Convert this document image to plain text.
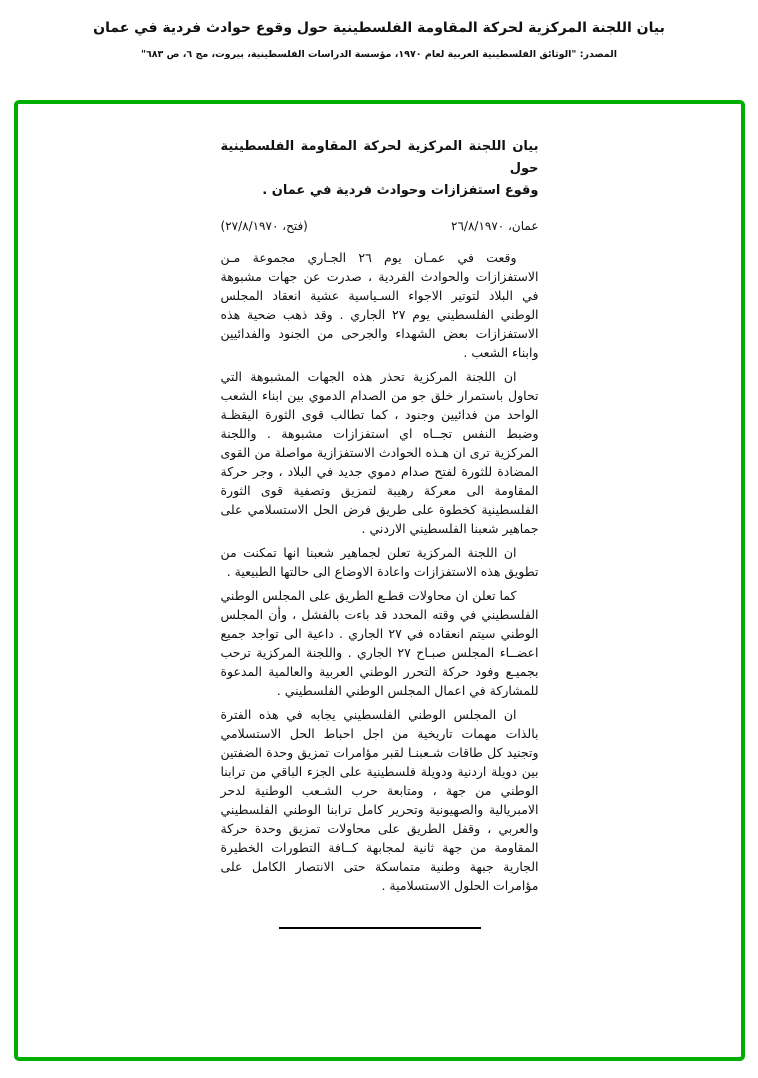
بيان اللجنة المركزية لحركة المقاومة الفلسطينية حول وقوع حوادث فردية في عمان
المصدر: "الوثائق الفلسطينية العربية لعام ١٩٧٠، مؤسسة الدراسات الفلسطينية، بيروت، مج ٦، ص ٦٨٣"
بيان اللجنة المركزية لحركة المقاومة الفلسطينية حول
وقوع استفزازات وحوادث فردية في عمان .
عمان، ٢٦/٨/١٩٧٠
(فتح، ٢٧/٨/١٩٧٠)

وقعت في عمـان يوم ٢٦ الجـاري مجموعة مـن الاستفزازات والحوادث الفردية ، صدرت عن جهات مشبوهة في البلاد لتوتير الاجواء السـياسية عشية انعقاد المجلس الوطني الفلسطيني يوم ٢٧ الجاري . وقد ذهب ضحية هذه الاستفزازات بعض الشهداء والجرحى من الجنود والفدائيين وابناء الشعب .

ان اللجنة المركزية تحذر هذه الجهات المشبوهة التي تحاول باستمرار خلق جو من الصدام الدموي بين ابناء الشعب الواحد من فدائيين وجنود ، كما تطالب قوى الثورة اليقظـة وضبط النفس تجــاه اي استفزازات مشبوهة . واللجنة المركزية ترى ان هـذه الحوادث الاستفزازية مواصلة من القوى المضادة للثورة لفتح صدام دموي جديد في البلاد ، وجر حركة المقاومة الى معركة رهيبة لتمزيق وتصفية قوى الثورة الفلسطينية كخطوة على طريق فرض الحل الاستسلامي على جماهير شعبنا الفلسطيني الاردني .

ان اللجنة المركزية تعلن لجماهير شعبنا انها تمكنت من تطويق هذه الاستفزازات واعادة الاوضاع الى حالتها الطبيعية .

كما تعلن ان محاولات قطـع الطريق على المجلس الوطني الفلسطيني في وقته المحدد قد باءت بالفشل ، وأن المجلس الوطني سيتم انعقاده في ٢٧ الجاري . داعية الى تواجد جميع اعضــاء المجلس صبـاح ٢٧ الجاري . واللجنة المركزية ترحب بجميـع وفود حركة التحرر الوطني العربية والعالمية المدعوة للمشاركة في اعمال المجلس الوطني الفلسطيني .

ان المجلس الوطني الفلسطيني يجابه في هذه الفترة بالذات مهمات تاريخية من اجل احباط الحل الاستسلامي وتجنيد كل طاقات شـعبنـا لقبر مؤامرات تمزيق وحدة الضفتين بين دويلة اردنية ودويلة فلسطينية على الجزء الباقي من ترابنا الوطني من جهة ، ومتابعة حرب الشـعب الوطنية لدحر الامبريالية والصهيونية وتحرير كامل ترابنا الوطني الفلسطيني والعربي ، وقفل الطريق على محاولات تمزيق وحدة حركة المقاومة من جهة ثانية لمجابهة كــافة التطورات الخطيرة الجارية جبهة وطنية متماسكة حتى الانتصار الكامل على مؤامرات الحلول الاستسلامية .
